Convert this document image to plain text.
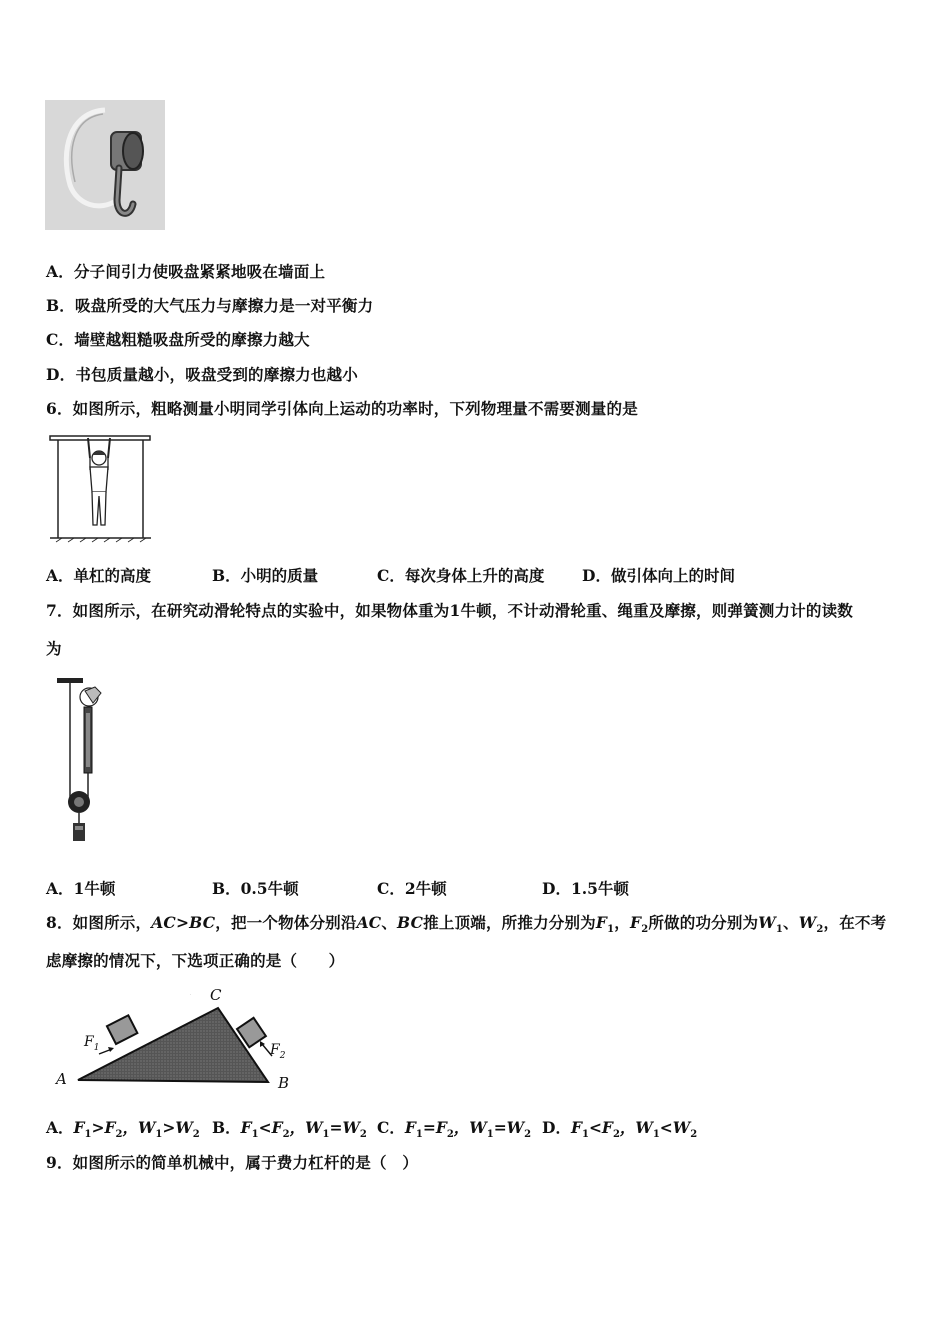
A．分子间引力使吸盘紧紧地吸在墙面上
B．吸盘所受的大气压力与摩擦力是一对平衡力
C．墙壁越粗糙吸盘所受的摩擦力越大
D．书包质量越小，吸盘受到的摩擦力也越小
6．如图所示，粗略测量小明同学引体向上运动的功率时，下列物理量不需要测量的是
A．单杠的高度	B．小明的质量	C．每次身体上升的高度 D．做引体向上的时间
7．如图所示，在研究动滑轮特点的实验中，如果物体重为1牛顿，不计动滑轮重、绳重及摩擦，则弹簧测力计的读数
为
A．1牛顿	B．0.5牛顿	C．2牛顿	D．1.5牛顿
8．如图所示，AC>BC，把一个物体分别沿AC、BC推上顶端，所推力分别为$F_1$，$F_2$所做的功分别为$W_1$、$W_2$，在不考
虑摩擦的情况下，下选项正确的是（　　）
·
A	B
C
$F_1$	$F_2$
A．$F_1>F_2$，$W_1>W_2$ B．$F_1<F_2$，$W_1=W_2$ C．$F_1=F_2$，$W_1=W_2$ D．$F_1<F_2$，$W_1<W_2$
9．如图所示的简单机械中，属于费力杠杆的是（　）
